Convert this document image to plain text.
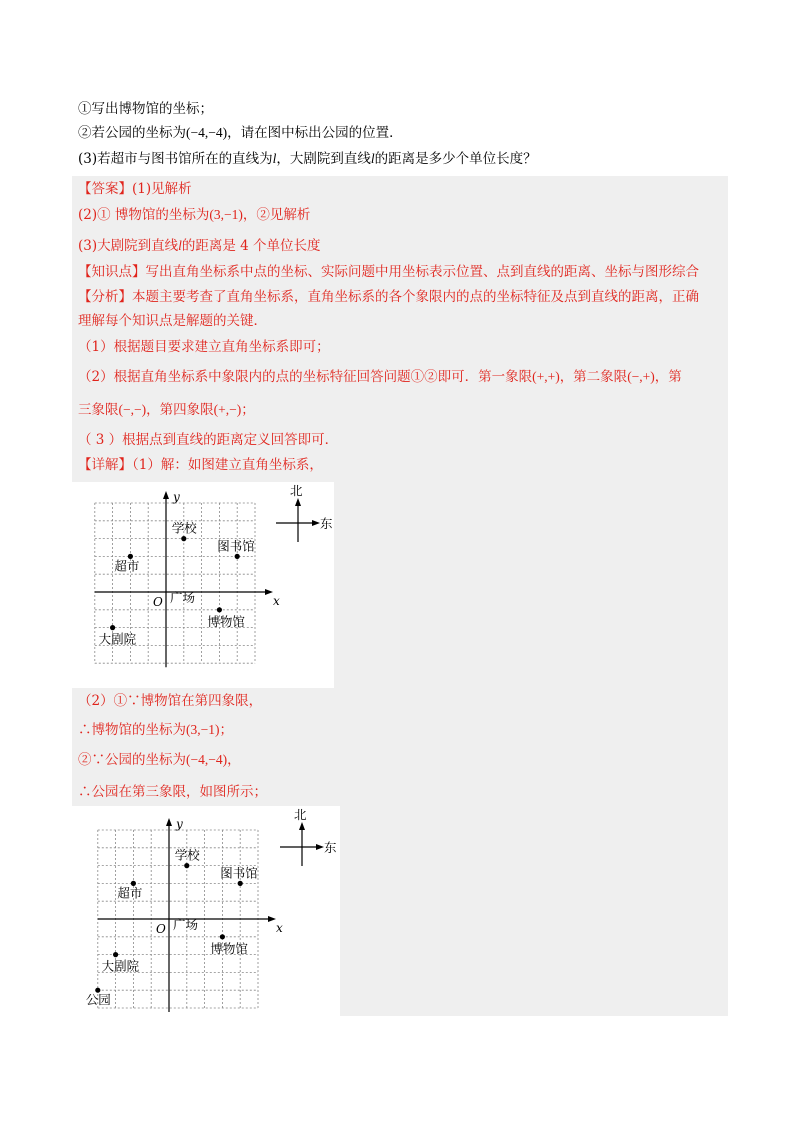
①写出博物馆的坐标；
②若公园的坐标为(−4,−4)，请在图中标出公园的位置．
(3)若超市与图书馆所在的直线为l，大剧院到直线l的距离是多少个单位长度？
【答案】(1)见解析
(2)① 博物馆的坐标为(3,−1)，②见解析
(3)大剧院到直线l的距离是 4 个单位长度
【知识点】写出直角坐标系中点的坐标、实际问题中用坐标表示位置、点到直线的距离、坐标与图形综合
【分析】本题主要考查了直角坐标系，直角坐标系的各个象限内的点的坐标特征及点到直线的距离，正确
理解每个知识点是解题的关键．
（1）根据题目要求建立直角坐标系即可；
（2）根据直角坐标系中象限内的点的坐标特征回答问题①②即可．第一象限(+,+)，第二象限(−,+)，第
三象限(−,−)，第四象限(+,−)；
（ 3 ）根据点到直线的距离定义回答即可．
【详解】（1）解：如图建立直角坐标系，
x
y
O
学校
图书馆
超市
广场
博物馆
大剧院
北
东
（2）①∵博物馆在第四象限，
∴博物馆的坐标为(3,−1)；
②∵公园的坐标为(−4,−4)，
∴公园在第三象限，如图所示；
x
y
O
学校
图书馆
超市
广场
博物馆
大剧院
公园
北
东
